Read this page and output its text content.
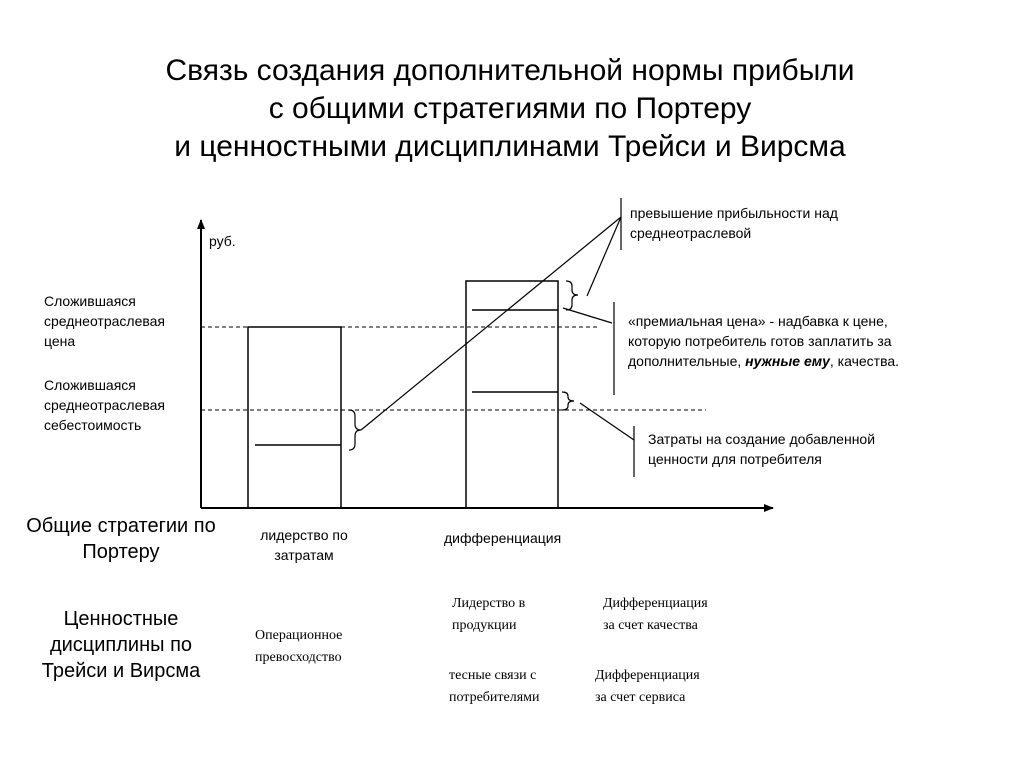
Связь создания дополнительной нормы прибыли
с общими стратегиями по Портеру
и ценностными дисциплинами Трейси и Вирсма
руб.
Сложившаяся
среднеотраслевая
цена
Сложившаяся
среднеотраслевая
себестоимость
превышение прибыльности над
среднеотраслевой
«премиальная цена» - надбавка к цене,
которую потребитель готов заплатить за
дополнительные, нужные ему, качества.
Затраты на создание добавленной
ценности для потребителя
Общие стратегии по
Портеру
лидерство по
затратам
дифференциация
Ценностные
дисциплины по
Трейси и Вирсма
Операционное
превосходство
Лидерство в
продукции
Дифференциация
за счет качества
тесные связи с
потребителями
Дифференциация
за счет сервиса
